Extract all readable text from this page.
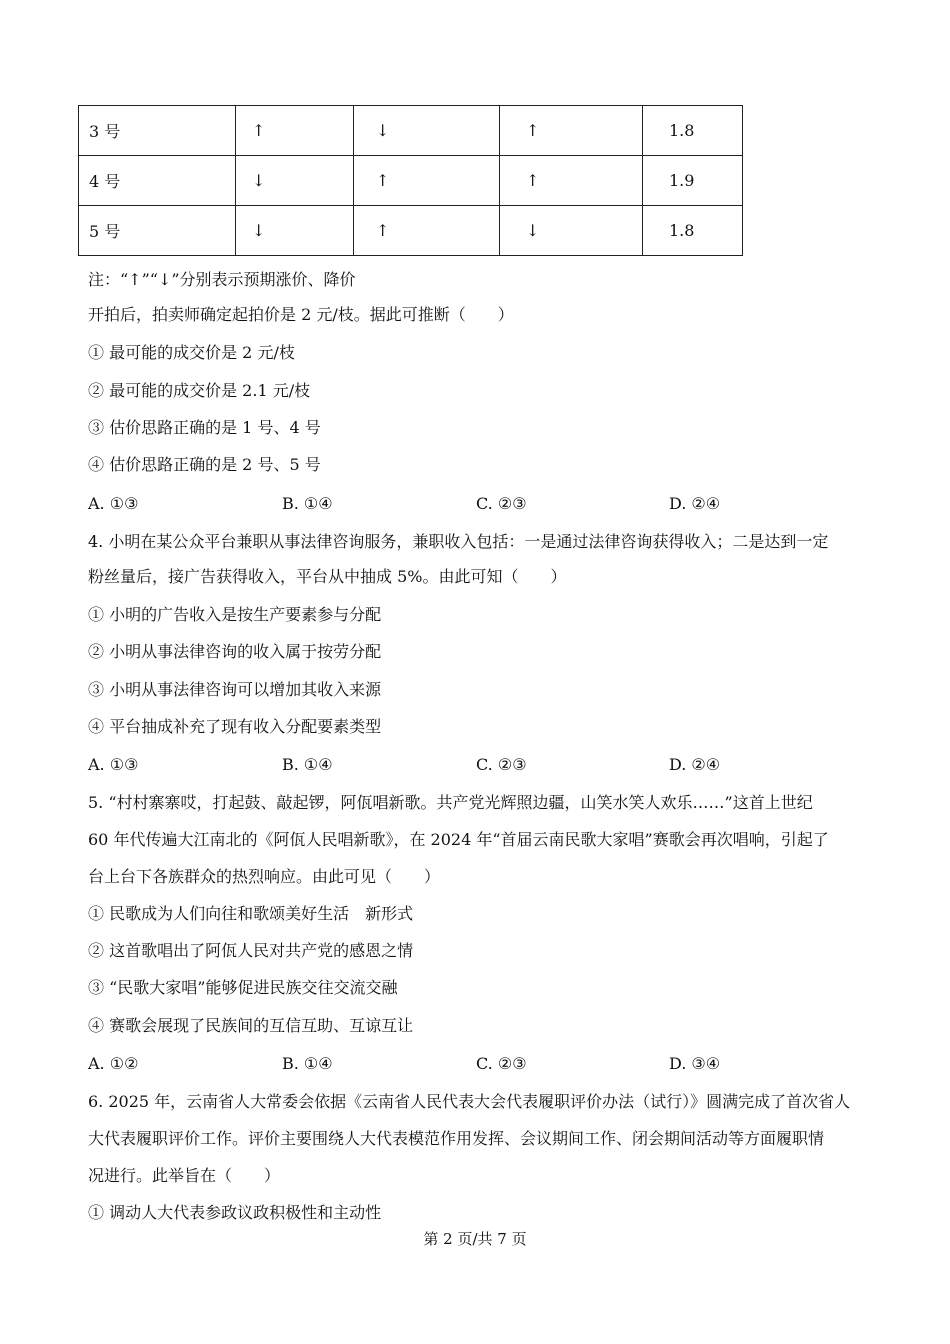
3 号	↑	↓	↑	1.8
4 号	↓	↑	↑	1.9
5 号	↓	↑	↓	1.8
注：“↑”“↓”分别表示预期涨价、降价
开拍后，拍卖师确定起拍价是 2 元/枝。据此可推断（　　）
① 最可能的成交价是 2 元/枝
② 最可能的成交价是 2.1 元/枝
③ 估价思路正确的是 1 号、4 号
④ 估价思路正确的是 2 号、5 号
A. ①③	B. ①④	C. ②③	D. ②④
4. 小明在某公众平台兼职从事法律咨询服务，兼职收入包括：一是通过法律咨询获得收入；二是达到一定
粉丝量后，接广告获得收入，平台从中抽成 5%。由此可知（　　）
① 小明的广告收入是按生产要素参与分配
② 小明从事法律咨询的收入属于按劳分配
③ 小明从事法律咨询可以增加其收入来源
④ 平台抽成补充了现有收入分配要素类型
A. ①③	B. ①④	C. ②③	D. ②④
5. “村村寨寨哎，打起鼓、敲起锣，阿佤唱新歌。共产党光辉照边疆，山笑水笑人欢乐……”这首上世纪
60 年代传遍大江南北的《阿佤人民唱新歌》，在 2024 年“首届云南民歌大家唱”赛歌会再次唱响，引起了
台上台下各族群众的热烈响应。由此可见（　　）
① 民歌成为人们向往和歌颂美好生活　新形式
② 这首歌唱出了阿佤人民对共产党的感恩之情
③ “民歌大家唱”能够促进民族交往交流交融
④ 赛歌会展现了民族间的互信互助、互谅互让
A. ①②	B. ①④	C. ②③	D. ③④
6. 2025 年，云南省人大常委会依据《云南省人民代表大会代表履职评价办法（试行）》圆满完成了首次省人
大代表履职评价工作。评价主要围绕人大代表模范作用发挥、会议期间工作、闭会期间活动等方面履职情
况进行。此举旨在（　　）
① 调动人大代表参政议政积极性和主动性
第 2 页/共 7 页
